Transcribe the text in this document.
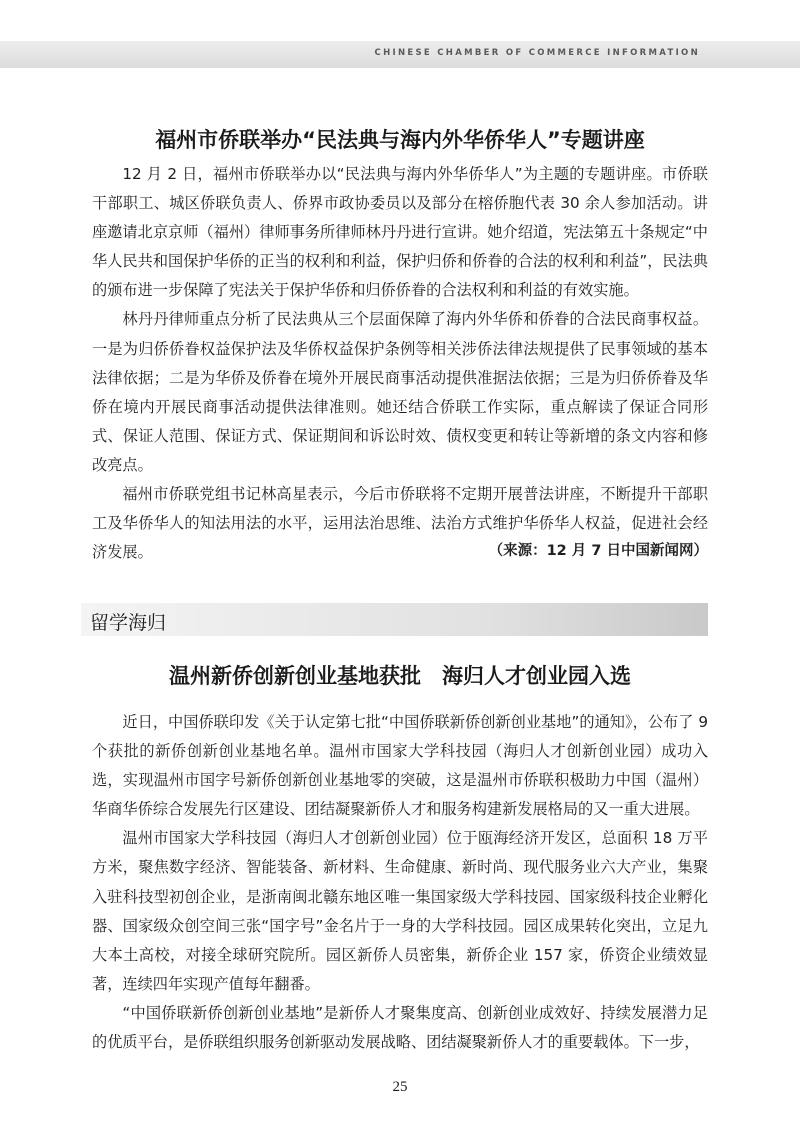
CHINESE CHAMBER OF COMMERCE INFORMATION
福州市侨联举办“民法典与海内外华侨华人”专题讲座

12 月 2 日，福州市侨联举办以“民法典与海内外华侨华人”为主题的专题讲座。市侨联干部职工、城区侨联负责人、侨界市政协委员以及部分在榕侨胞代表 30 余人参加活动。讲座邀请北京京师（福州）律师事务所律师林丹丹进行宣讲。她介绍道，宪法第五十条规定“中华人民共和国保护华侨的正当的权利和利益，保护归侨和侨眷的合法的权利和利益”，民法典的颁布进一步保障了宪法关于保护华侨和归侨侨眷的合法权利和利益的有效实施。

林丹丹律师重点分析了民法典从三个层面保障了海内外华侨和侨眷的合法民商事权益。一是为归侨侨眷权益保护法及华侨权益保护条例等相关涉侨法律法规提供了民事领域的基本法律依据；二是为华侨及侨眷在境外开展民商事活动提供准据法依据；三是为归侨侨眷及华侨在境内开展民商事活动提供法律准则。她还结合侨联工作实际，重点解读了保证合同形式、保证人范围、保证方式、保证期间和诉讼时效、债权变更和转让等新增的条文内容和修改亮点。

福州市侨联党组书记林高星表示，今后市侨联将不定期开展普法讲座，不断提升干部职工及华侨华人的知法用法的水平，运用法治思维、法治方式维护华侨华人权益，促进社会经济发展。	（来源：12 月 7 日中国新闻网）

留学海归
温州新侨创新创业基地获批　海归人才创业园入选

近日，中国侨联印发《关于认定第七批“中国侨联新侨创新创业基地”的通知》，公布了 9 个获批的新侨创新创业基地名单。温州市国家大学科技园（海归人才创新创业园）成功入选，实现温州市国字号新侨创新创业基地零的突破，这是温州市侨联积极助力中国（温州）华商华侨综合发展先行区建设、团结凝聚新侨人才和服务构建新发展格局的又一重大进展。

温州市国家大学科技园（海归人才创新创业园）位于瓯海经济开发区，总面积 18 万平方米，聚焦数字经济、智能装备、新材料、生命健康、新时尚、现代服务业六大产业，集聚入驻科技型初创企业，是浙南闽北赣东地区唯一集国家级大学科技园、国家级科技企业孵化器、国家级众创空间三张“国字号”金名片于一身的大学科技园。园区成果转化突出，立足九大本土高校，对接全球研究院所。园区新侨人员密集，新侨企业 157 家，侨资企业绩效显著，连续四年实现产值每年翻番。

“中国侨联新侨创新创业基地”是新侨人才聚集度高、创新创业成效好、持续发展潜力足的优质平台，是侨联组织服务创新驱动发展战略、团结凝聚新侨人才的重要载体。下一步，

25
